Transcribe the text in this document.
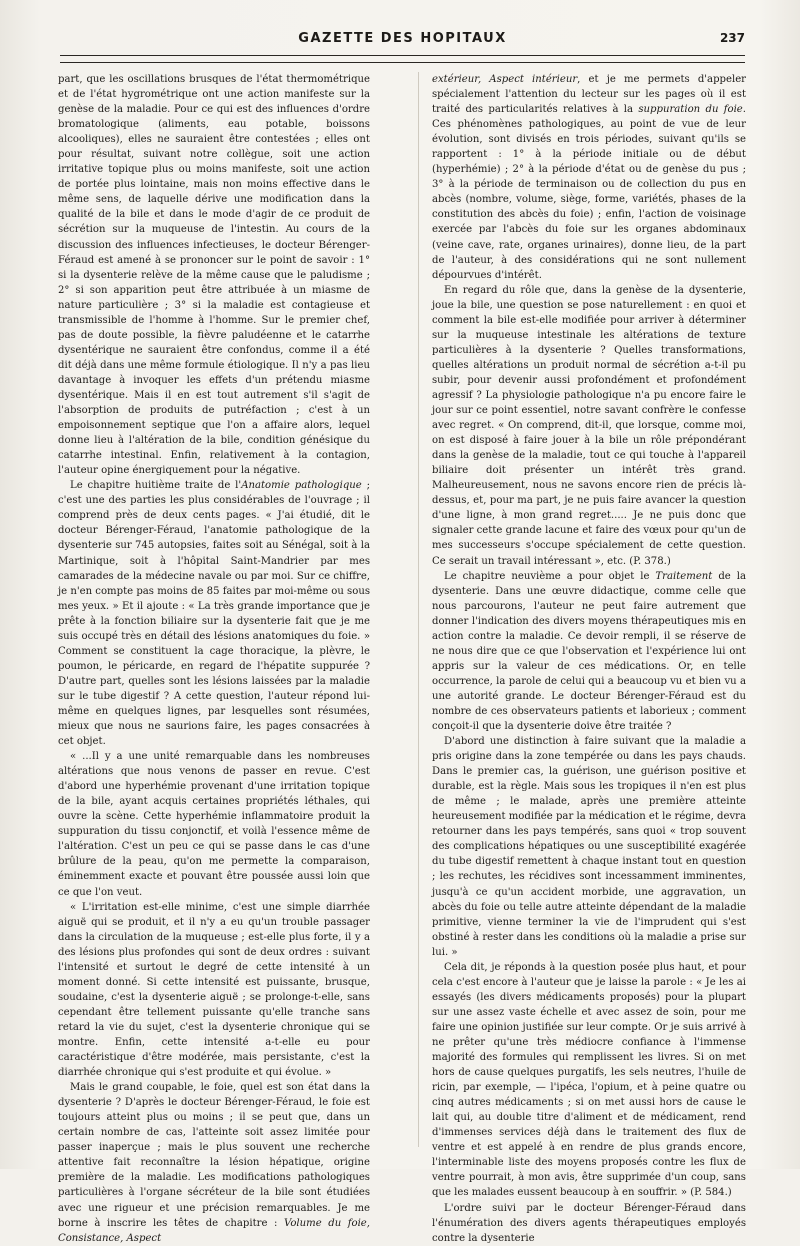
GAZETTE DES HOPITAUX	237

part, que les oscillations brusques de l'état thermométrique et de l'état hygrométrique ont une action manifeste sur la genèse de la maladie. Pour ce qui est des influences d'ordre bromatologique (aliments, eau potable, boissons alcooliques), elles ne sauraient être contestées ; elles ont pour résultat, suivant notre collègue, soit une action irritative topique plus ou moins manifeste, soit une action de portée plus lointaine, mais non moins effective dans le même sens, de laquelle dérive une modification dans la qualité de la bile et dans le mode d'agir de ce produit de sécrétion sur la muqueuse de l'intestin. Au cours de la discussion des influences infectieuses, le docteur Bérenger-Féraud est amené à se prononcer sur le point de savoir : 1° si la dysenterie relève de la même cause que le paludisme ; 2° si son apparition peut être attribuée à un miasme de nature particulière ; 3° si la maladie est contagieuse et transmissible de l'homme à l'homme. Sur le premier chef, pas de doute possible, la fièvre paludéenne et le catarrhe dysentérique ne sauraient être confondus, comme il a été dit déjà dans une même formule étiologique. Il n'y a pas lieu davantage à invoquer les effets d'un prétendu miasme dysentérique. Mais il en est tout autrement s'il s'agit de l'absorption de produits de putréfaction ; c'est à un empoisonnement septique que l'on a affaire alors, lequel donne lieu à l'altération de la bile, condition génésique du catarrhe intestinal. Enfin, relativement à la contagion, l'auteur opine énergiquement pour la négative.

Le chapitre huitième traite de l'Anatomie pathologique ; c'est une des parties les plus considérables de l'ouvrage ; il comprend près de deux cents pages. « J'ai étudié, dit le docteur Bérenger-Féraud, l'anatomie pathologique de la dysenterie sur 745 autopsies, faites soit au Sénégal, soit à la Martinique, soit à l'hôpital Saint-Mandrier par mes camarades de la médecine navale ou par moi. Sur ce chiffre, je n'en compte pas moins de 85 faites par moi-même ou sous mes yeux. » Et il ajoute : « La très grande importance que je prête à la fonction biliaire sur la dysenterie fait que je me suis occupé très en détail des lésions anatomiques du foie. » Comment se constituent la cage thoracique, la plèvre, le poumon, le péricarde, en regard de l'hépatite suppurée ? D'autre part, quelles sont les lésions laissées par la maladie sur le tube digestif ? A cette question, l'auteur répond lui-même en quelques lignes, par lesquelles sont résumées, mieux que nous ne saurions faire, les pages consacrées à cet objet.

« ...Il y a une unité remarquable dans les nombreuses altérations que nous venons de passer en revue. C'est d'abord une hyperhémie provenant d'une irritation topique de la bile, ayant acquis certaines propriétés léthales, qui ouvre la scène. Cette hyperhémie inflammatoire produit la suppuration du tissu conjonctif, et voilà l'essence même de l'altération. C'est un peu ce qui se passe dans le cas d'une brûlure de la peau, qu'on me permette la comparaison, éminemment exacte et pouvant être poussée aussi loin que ce que l'on veut.

« L'irritation est-elle minime, c'est une simple diarrhée aiguë qui se produit, et il n'y a eu qu'un trouble passager dans la circulation de la muqueuse ; est-elle plus forte, il y a des lésions plus profondes qui sont de deux ordres : suivant l'intensité et surtout le degré de cette intensité à un moment donné. Si cette intensité est puissante, brusque, soudaine, c'est la dysenterie aiguë ; se prolonge-t-elle, sans cependant être tellement puissante qu'elle tranche sans retard la vie du sujet, c'est la dysenterie chronique qui se montre. Enfin, cette intensité a-t-elle eu pour caractéristique d'être modérée, mais persistante, c'est la diarrhée chronique qui s'est produite et qui évolue. »

Mais le grand coupable, le foie, quel est son état dans la dysenterie ? D'après le docteur Bérenger-Féraud, le foie est toujours atteint plus ou moins ; il se peut que, dans un certain nombre de cas, l'atteinte soit assez limitée pour passer inaperçue ; mais le plus souvent une recherche attentive fait reconnaître la lésion hépatique, origine première de la maladie. Les modifications pathologiques particulières à l'organe sécréteur de la bile sont étudiées avec une rigueur et une précision remarquables. Je me borne à inscrire les têtes de chapitre : Volume du foie, Consistance, Aspect

extérieur, Aspect intérieur, et je me permets d'appeler spécialement l'attention du lecteur sur les pages où il est traité des particularités relatives à la suppuration du foie. Ces phénomènes pathologiques, au point de vue de leur évolution, sont divisés en trois périodes, suivant qu'ils se rapportent : 1° à la période initiale ou de début (hyperhémie) ; 2° à la période d'état ou de genèse du pus ; 3° à la période de terminaison ou de collection du pus en abcès (nombre, volume, siège, forme, variétés, phases de la constitution des abcès du foie) ; enfin, l'action de voisinage exercée par l'abcès du foie sur les organes abdominaux (veine cave, rate, organes urinaires), donne lieu, de la part de l'auteur, à des considérations qui ne sont nullement dépourvues d'intérêt.

En regard du rôle que, dans la genèse de la dysenterie, joue la bile, une question se pose naturellement : en quoi et comment la bile est-elle modifiée pour arriver à déterminer sur la muqueuse intestinale les altérations de texture particulières à la dysenterie ? Quelles transformations, quelles altérations un produit normal de sécrétion a-t-il pu subir, pour devenir aussi profondément et profondément agressif ? La physiologie pathologique n'a pu encore faire le jour sur ce point essentiel, notre savant confrère le confesse avec regret. « On comprend, dit-il, que lorsque, comme moi, on est disposé à faire jouer à la bile un rôle prépondérant dans la genèse de la maladie, tout ce qui touche à l'appareil biliaire doit présenter un intérêt très grand. Malheureusement, nous ne savons encore rien de précis là-dessus, et, pour ma part, je ne puis faire avancer la question d'une ligne, à mon grand regret..... Je ne puis donc que signaler cette grande lacune et faire des vœux pour qu'un de mes successeurs s'occupe spécialement de cette question. Ce serait un travail intéressant », etc. (P. 378.)

Le chapitre neuvième a pour objet le Traitement de la dysenterie. Dans une œuvre didactique, comme celle que nous parcourons, l'auteur ne peut faire autrement que donner l'indication des divers moyens thérapeutiques mis en action contre la maladie. Ce devoir rempli, il se réserve de ne nous dire que ce que l'observation et l'expérience lui ont appris sur la valeur de ces médications. Or, en telle occurrence, la parole de celui qui a beaucoup vu et bien vu a une autorité grande. Le docteur Bérenger-Féraud est du nombre de ces observateurs patients et laborieux ; comment conçoit-il que la dysenterie doive être traitée ?

D'abord une distinction à faire suivant que la maladie a pris origine dans la zone tempérée ou dans les pays chauds. Dans le premier cas, la guérison, une guérison positive et durable, est la règle. Mais sous les tropiques il n'en est plus de même ; le malade, après une première atteinte heureusement modifiée par la médication et le régime, devra retourner dans les pays tempérés, sans quoi « trop souvent des complications hépatiques ou une susceptibilité exagérée du tube digestif remettent à chaque instant tout en question ; les rechutes, les récidives sont incessamment imminentes, jusqu'à ce qu'un accident morbide, une aggravation, un abcès du foie ou telle autre atteinte dépendant de la maladie primitive, vienne terminer la vie de l'imprudent qui s'est obstiné à rester dans les conditions où la maladie a prise sur lui. »

Cela dit, je réponds à la question posée plus haut, et pour cela c'est encore à l'auteur que je laisse la parole : « Je les ai essayés (les divers médicaments proposés) pour la plupart sur une assez vaste échelle et avec assez de soin, pour me faire une opinion justifiée sur leur compte. Or je suis arrivé à ne prêter qu'une très médiocre confiance à l'immense majorité des formules qui remplissent les livres. Si on met hors de cause quelques purgatifs, les sels neutres, l'huile de ricin, par exemple, — l'ipéca, l'opium, et à peine quatre ou cinq autres médicaments ; si on met aussi hors de cause le lait qui, au double titre d'aliment et de médicament, rend d'immenses services déjà dans le traitement des flux de ventre et est appelé à en rendre de plus grands encore, l'interminable liste des moyens proposés contre les flux de ventre pourrait, à mon avis, être supprimée d'un coup, sans que les malades eussent beaucoup à en souffrir. » (P. 584.)

L'ordre suivi par le docteur Bérenger-Féraud dans l'énumération des divers agents thérapeutiques employés contre la dysenterie
